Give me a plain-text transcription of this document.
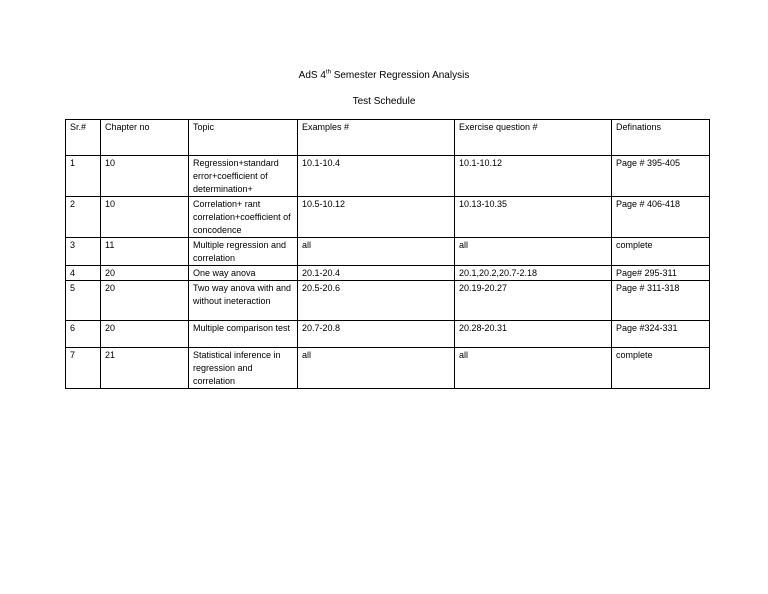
AdS 4th Semester Regression Analysis
Test Schedule
Sr.#	Chapter no	Topic	Examples #	Exercise question #	Definations
1	10	Regression+standard error+coefficient of determination+	10.1-10.4	10.1-10.12	Page # 395-405
2	10	Correlation+ rant correlation+coefficient of concodence	10.5-10.12	10.13-10.35	Page # 406-418
3	11	Multiple regression and correlation	all	all	complete
4	20	One way anova	20.1-20.4	20.1,20.2,20.7-2.18	Page# 295-311
5	20	Two way anova with and without ineteraction	20.5-20.6	20.19-20.27	Page # 311-318
6	20	Multiple comparison test	20.7-20.8	20.28-20.31	Page #324-331
7	21	Statistical inference in regression and correlation	all	all	complete
